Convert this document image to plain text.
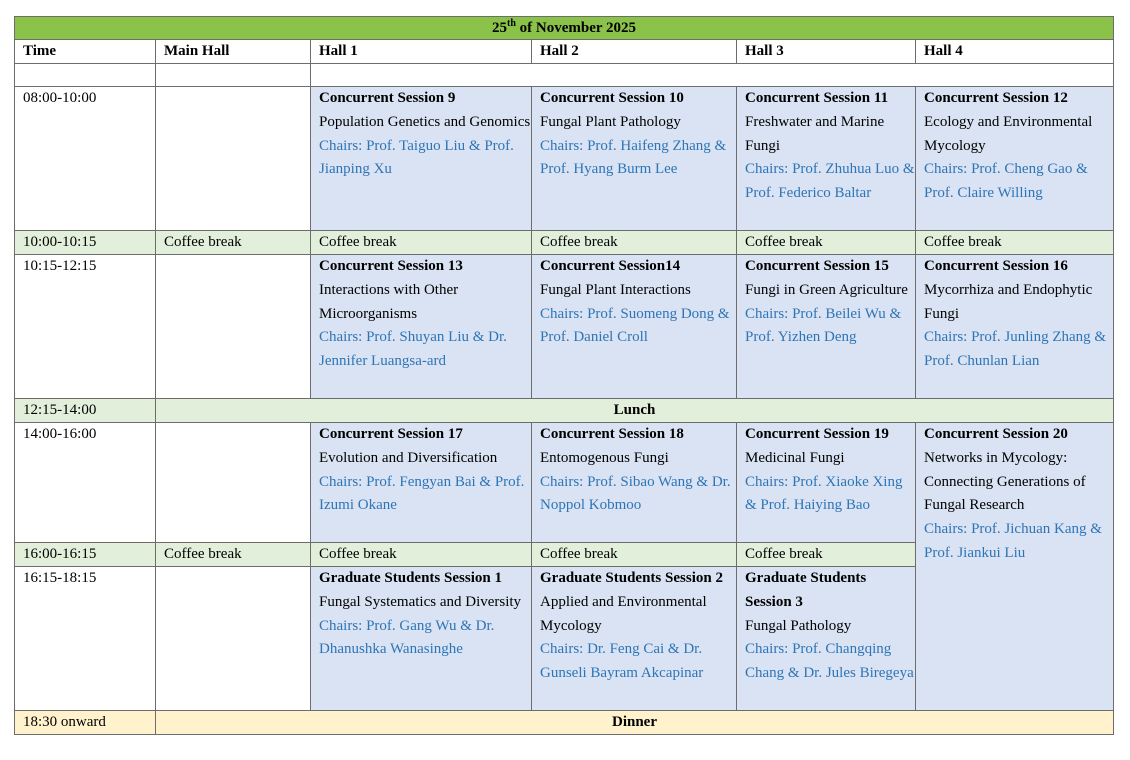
25th of November 2025					
Time	Main Hall	Hall 1	Hall 2	Hall 3	Hall 4

08:00-10:00		Concurrent Session 9
Population Genetics and Genomics
Chairs: Prof. Taiguo Liu & Prof. Jianping Xu	Concurrent Session 10
Fungal Plant Pathology
Chairs: Prof. Haifeng Zhang & Prof. Hyang Burm Lee	Concurrent Session 11
Freshwater and Marine Fungi
Chairs: Prof. Zhuhua Luo & Prof. Federico Baltar	Concurrent Session 12
Ecology and Environmental Mycology
Chairs: Prof. Cheng Gao & Prof. Claire Willing

10:00-10:15	Coffee break	Coffee break	Coffee break	Coffee break	Coffee break
10:15-12:15		Concurrent Session 13
Interactions with Other Microorganisms
Chairs: Prof. Shuyan Liu & Dr. Jennifer Luangsa-ard	Concurrent Session14
Fungal Plant Interactions
Chairs: Prof. Suomeng Dong & Prof. Daniel Croll	Concurrent Session 15
Fungi in Green Agriculture
Chairs: Prof. Beilei Wu & Prof. Yizhen Deng	Concurrent Session 16
Mycorrhiza and Endophytic Fungi
Chairs: Prof. Junling Zhang & Prof. Chunlan Lian

12:15-14:00	Lunch				
14:00-16:00		Concurrent Session 17
Evolution and Diversification
Chairs: Prof. Fengyan Bai & Prof. Izumi Okane	Concurrent Session 18
Entomogenous Fungi
Chairs: Prof. Sibao Wang & Dr. Noppol Kobmoo	Concurrent Session 19
Medicinal Fungi
Chairs: Prof. Xiaoke Xing & Prof. Haiying Bao	Concurrent Session 20
Networks in Mycology: Connecting Generations of Fungal Research
Chairs: Prof. Jichuan Kang & Prof. Jiankui Liu

16:00-16:15	Coffee break	Coffee break	Coffee break	Coffee break	
16:15-18:15		Graduate Students Session 1
Fungal Systematics and Diversity
Chairs: Prof. Gang Wu & Dr. Dhanushka Wanasinghe	Graduate Students Session 2
Applied and Environmental Mycology
Chairs: Dr. Feng Cai & Dr. Gunseli Bayram Akcapinar	Graduate Students Session 3
Fungal Pathology
Chairs: Prof. Changqing Chang & Dr. Jules Biregeya	

18:30 onward	Dinner				
